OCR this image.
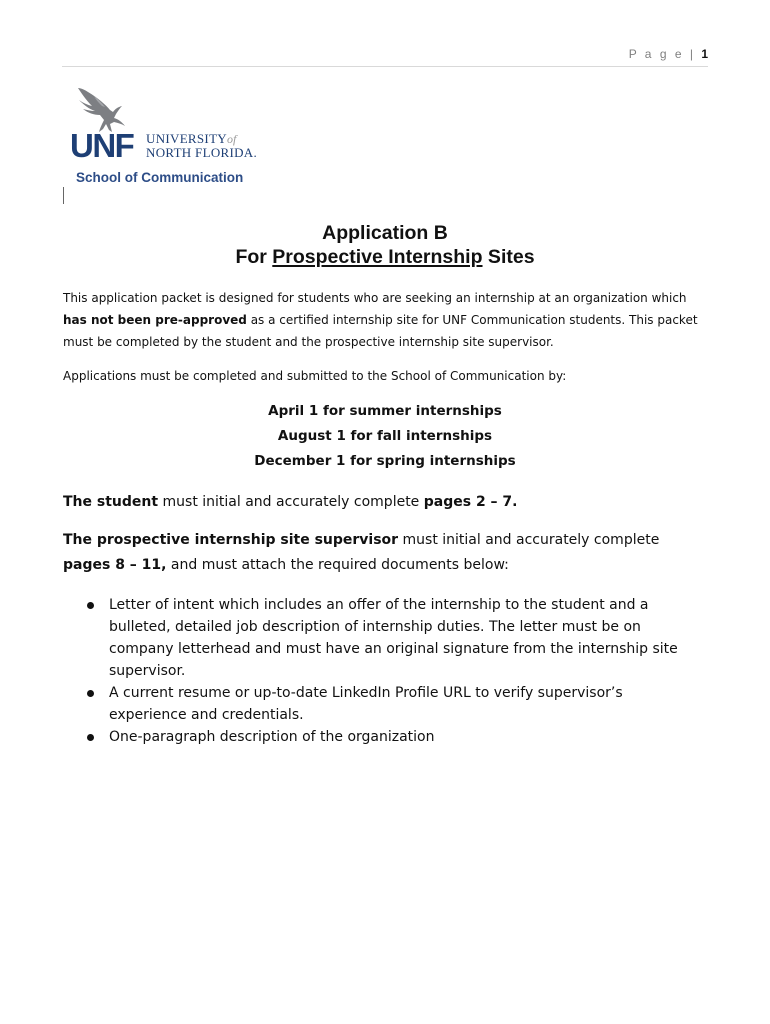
P a g e | 1
UNF UNIVERSITYof
NORTH FLORIDA.
School of Communication
Application B
For Prospective Internship Sites
This application packet is designed for students who are seeking an internship at an organization which has not been pre-approved as a certified internship site for UNF Communication students. This packet must be completed by the student and the prospective internship site supervisor.
Applications must be completed and submitted to the School of Communication by:
April 1 for summer internships
August 1 for fall internships
December 1 for spring internships
The student must initial and accurately complete pages 2 – 7.
The prospective internship site supervisor must initial and accurately complete
pages 8 – 11, and must attach the required documents below:
Letter of intent which includes an offer of the internship to the student and a bulleted, detailed job description of internship duties. The letter must be on company letterhead and must have an original signature from the internship site supervisor.
A current resume or up-to-date LinkedIn Profile URL to verify supervisor’s experience and credentials.
One-paragraph description of the organization
